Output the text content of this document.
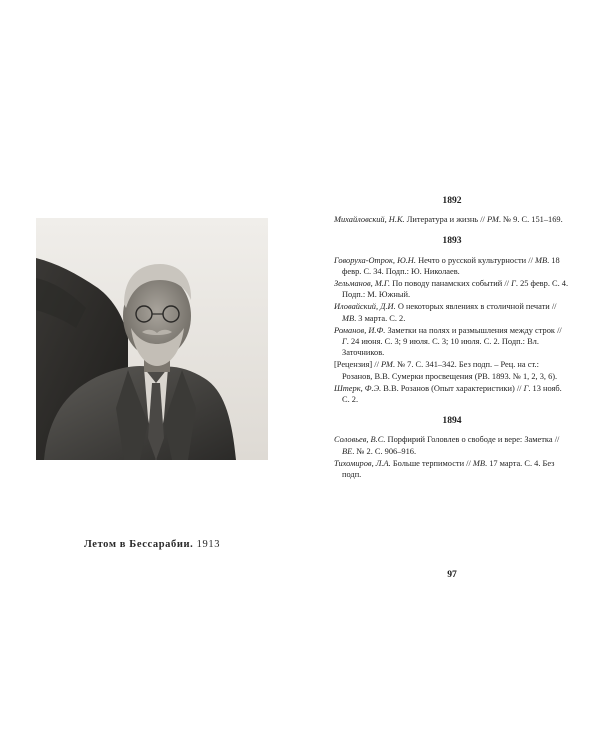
Летом в Бессарабии. 1913
1892
Михайловский, Н.К. Литература и жизнь // РМ. № 9. С. 151–169.
1893
Говоруха-Отрок, Ю.Н. Нечто о русской культурности // МВ. 18 февр. С. 34. Подп.: Ю. Николаев.
Зельманов, М.Г. По поводу панамских событий // Г. 25 февр. С. 4. Подп.: М. Южный.
Иловайский, Д.И. О некоторых явлениях в столичной печати // МВ. 3 марта. С. 2.
Романов, И.Ф. Заметки на полях и размышления между строк // Г. 24 июня. С. 3; 9 июля. С. 3; 10 июля. С. 2. Подп.: Вл. Заточников.
[Рецензия] // РМ. № 7. С. 341–342. Без подп. – Рец. на ст.: Розанов, В.В. Сумерки просвещения (РВ. 1893. № 1, 2, 3, 6).
Штерк, Ф.Э. В.В. Розанов (Опыт характеристики) // Г. 13 нояб. С. 2.
1894
Соловьев, В.С. Порфирий Головлев о свободе и вере: Заметка // ВЕ. № 2. С. 906–916.
Тихомиров, Л.А. Больше терпимости // МВ. 17 марта. С. 4. Без подп.
97
